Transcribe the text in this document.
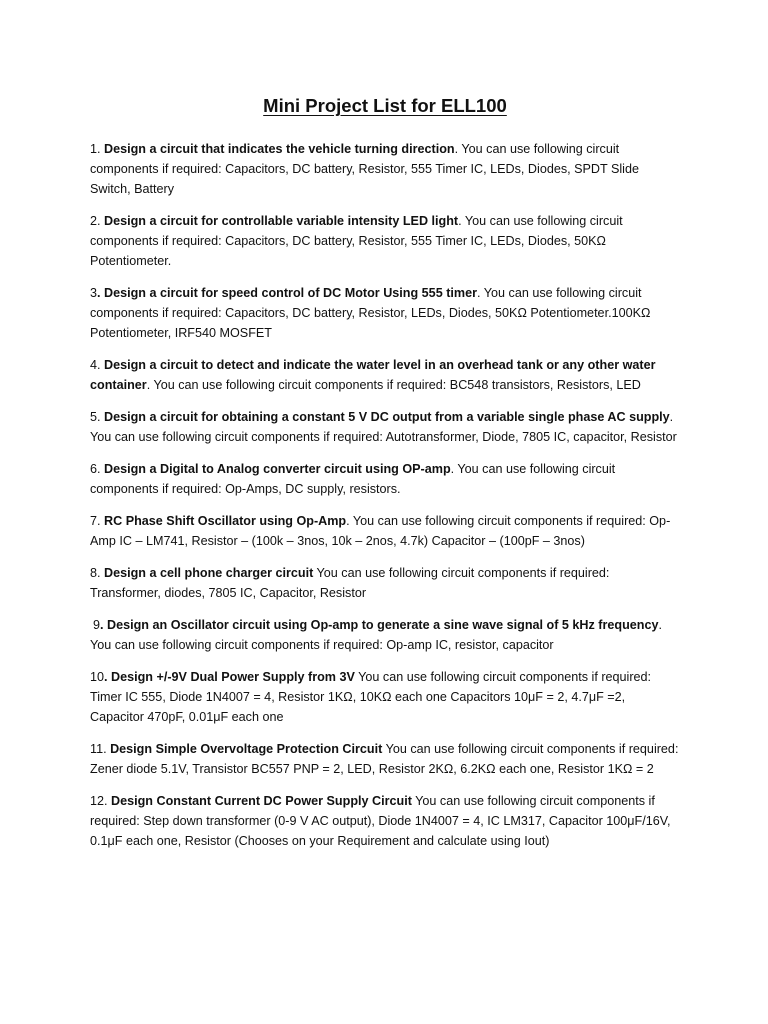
Mini Project List for ELL100

1. Design a circuit that indicates the vehicle turning direction. You can use following circuit components if required: Capacitors, DC battery, Resistor, 555 Timer IC, LEDs, Diodes, SPDT Slide Switch, Battery

2. Design a circuit for controllable variable intensity LED light. You can use following circuit components if required: Capacitors, DC battery, Resistor, 555 Timer IC, LEDs, Diodes, 50KΩ Potentiometer.

3. Design a circuit for speed control of DC Motor Using 555 timer. You can use following circuit components if required: Capacitors, DC battery, Resistor, LEDs, Diodes, 50KΩ Potentiometer.100KΩ Potentiometer, IRF540 MOSFET

4. Design a circuit to detect and indicate the water level in an overhead tank or any other water container. You can use following circuit components if required: BC548 transistors, Resistors, LED

5. Design a circuit for obtaining a constant 5 V DC output from a variable single phase AC supply. You can use following circuit components if required: Autotransformer, Diode, 7805 IC, capacitor, Resistor

6. Design a Digital to Analog converter circuit using OP-amp. You can use following circuit components if required: Op-Amps, DC supply, resistors.

7. RC Phase Shift Oscillator using Op-Amp. You can use following circuit components if required: Op-Amp IC – LM741, Resistor – (100k – 3nos, 10k – 2nos, 4.7k) Capacitor – (100pF – 3nos)

8. Design a cell phone charger circuit You can use following circuit components if required: Transformer, diodes, 7805 IC, Capacitor, Resistor

9. Design an Oscillator circuit using Op-amp to generate a sine wave signal of 5 kHz frequency. You can use following circuit components if required: Op-amp IC, resistor, capacitor

10. Design +/-9V Dual Power Supply from 3V You can use following circuit components if required: Timer IC 555, Diode 1N4007 = 4, Resistor 1KΩ, 10KΩ each one Capacitors 10μF = 2, 4.7μF =2, Capacitor 470pF, 0.01μF each one

11. Design Simple Overvoltage Protection Circuit You can use following circuit components if required: Zener diode 5.1V, Transistor BC557 PNP = 2, LED, Resistor 2KΩ, 6.2KΩ each one, Resistor 1KΩ = 2

12. Design Constant Current DC Power Supply Circuit You can use following circuit components if required: Step down transformer (0-9 V AC output), Diode 1N4007 = 4, IC LM317, Capacitor 100μF/16V, 0.1μF each one, Resistor (Chooses on your Requirement and calculate using Iout)
